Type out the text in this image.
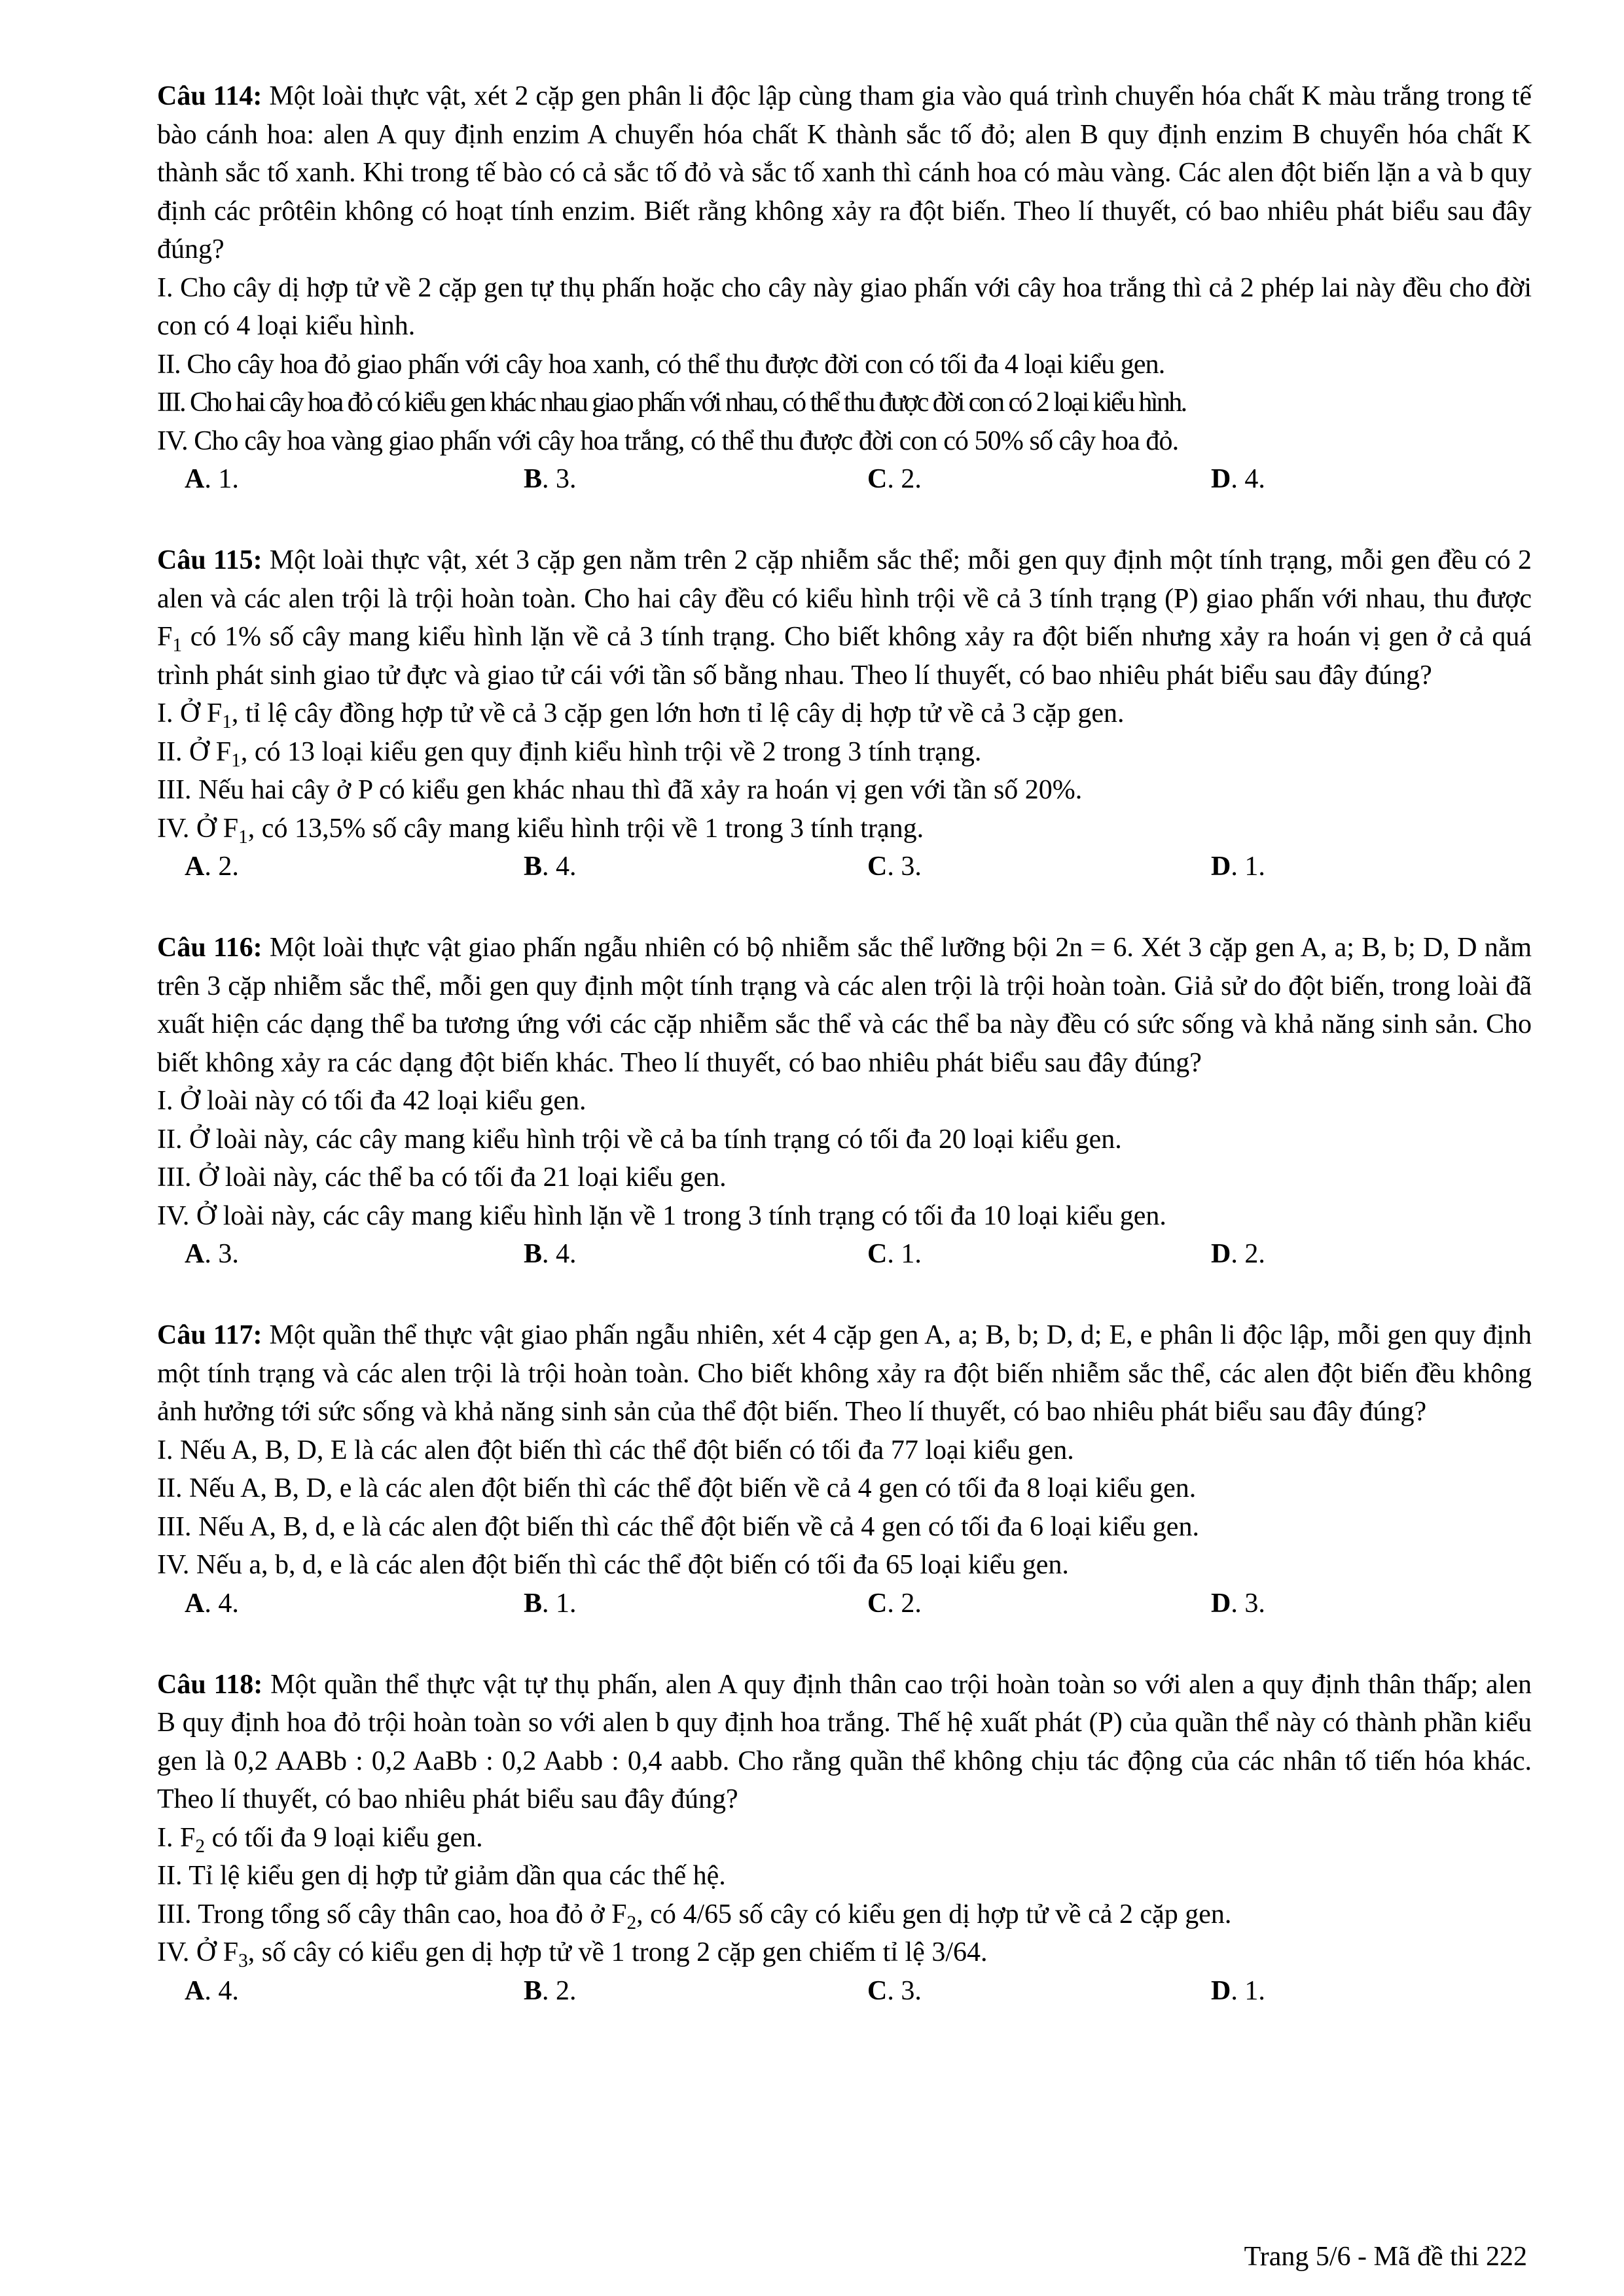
Câu 114: Một loài thực vật, xét 2 cặp gen phân li độc lập cùng tham gia vào quá trình chuyển hóa chất K màu trắng trong tế bào cánh hoa: alen A quy định enzim A chuyển hóa chất K thành sắc tố đỏ; alen B quy định enzim B chuyển hóa chất K thành sắc tố xanh. Khi trong tế bào có cả sắc tố đỏ và sắc tố xanh thì cánh hoa có màu vàng. Các alen đột biến lặn a và b quy định các prôtêin không có hoạt tính enzim. Biết rằng không xảy ra đột biến. Theo lí thuyết, có bao nhiêu phát biểu sau đây đúng?

I. Cho cây dị hợp tử về 2 cặp gen tự thụ phấn hoặc cho cây này giao phấn với cây hoa trắng thì cả 2 phép lai này đều cho đời con có 4 loại kiểu hình.

II. Cho cây hoa đỏ giao phấn với cây hoa xanh, có thể thu được đời con có tối đa 4 loại kiểu gen.

III. Cho hai cây hoa đỏ có kiểu gen khác nhau giao phấn với nhau, có thể thu được đời con có 2 loại kiểu hình.

IV. Cho cây hoa vàng giao phấn với cây hoa trắng, có thể thu được đời con có 50% số cây hoa đỏ.

A. 1.	B. 3.	C. 2.	D. 4.

Câu 115: Một loài thực vật, xét 3 cặp gen nằm trên 2 cặp nhiễm sắc thể; mỗi gen quy định một tính trạng, mỗi gen đều có 2 alen và các alen trội là trội hoàn toàn. Cho hai cây đều có kiểu hình trội về cả 3 tính trạng (P) giao phấn với nhau, thu được $F_1$ có 1% số cây mang kiểu hình lặn về cả 3 tính trạng. Cho biết không xảy ra đột biến nhưng xảy ra hoán vị gen ở cả quá trình phát sinh giao tử đực và giao tử cái với tần số bằng nhau. Theo lí thuyết, có bao nhiêu phát biểu sau đây đúng?

I. Ở $F_1$, tỉ lệ cây đồng hợp tử về cả 3 cặp gen lớn hơn tỉ lệ cây dị hợp tử về cả 3 cặp gen.

II. Ở $F_1$, có 13 loại kiểu gen quy định kiểu hình trội về 2 trong 3 tính trạng.

III. Nếu hai cây ở P có kiểu gen khác nhau thì đã xảy ra hoán vị gen với tần số 20%.

IV. Ở $F_1$, có 13,5% số cây mang kiểu hình trội về 1 trong 3 tính trạng.

A. 2.	B. 4.	C. 3.	D. 1.

Câu 116: Một loài thực vật giao phấn ngẫu nhiên có bộ nhiễm sắc thể lưỡng bội 2n = 6. Xét 3 cặp gen A, a; B, b; D, D nằm trên 3 cặp nhiễm sắc thể, mỗi gen quy định một tính trạng và các alen trội là trội hoàn toàn. Giả sử do đột biến, trong loài đã xuất hiện các dạng thể ba tương ứng với các cặp nhiễm sắc thể và các thể ba này đều có sức sống và khả năng sinh sản. Cho biết không xảy ra các dạng đột biến khác. Theo lí thuyết, có bao nhiêu phát biểu sau đây đúng?

I. Ở loài này có tối đa 42 loại kiểu gen.

II. Ở loài này, các cây mang kiểu hình trội về cả ba tính trạng có tối đa 20 loại kiểu gen.

III. Ở loài này, các thể ba có tối đa 21 loại kiểu gen.

IV. Ở loài này, các cây mang kiểu hình lặn về 1 trong 3 tính trạng có tối đa 10 loại kiểu gen.

A. 3.	B. 4.	C. 1.	D. 2.

Câu 117: Một quần thể thực vật giao phấn ngẫu nhiên, xét 4 cặp gen A, a; B, b; D, d; E, e phân li độc lập, mỗi gen quy định một tính trạng và các alen trội là trội hoàn toàn. Cho biết không xảy ra đột biến nhiễm sắc thể, các alen đột biến đều không ảnh hưởng tới sức sống và khả năng sinh sản của thể đột biến. Theo lí thuyết, có bao nhiêu phát biểu sau đây đúng?

I. Nếu A, B, D, E là các alen đột biến thì các thể đột biến có tối đa 77 loại kiểu gen.

II. Nếu A, B, D, e là các alen đột biến thì các thể đột biến về cả 4 gen có tối đa 8 loại kiểu gen.

III. Nếu A, B, d, e là các alen đột biến thì các thể đột biến về cả 4 gen có tối đa 6 loại kiểu gen.

IV. Nếu a, b, d, e là các alen đột biến thì các thể đột biến có tối đa 65 loại kiểu gen.

A. 4.	B. 1.	C. 2.	D. 3.

Câu 118: Một quần thể thực vật tự thụ phấn, alen A quy định thân cao trội hoàn toàn so với alen a quy định thân thấp; alen B quy định hoa đỏ trội hoàn toàn so với alen b quy định hoa trắng. Thế hệ xuất phát (P) của quần thể này có thành phần kiểu gen là 0,2 AABb : 0,2 AaBb : 0,2 Aabb : 0,4 aabb. Cho rằng quần thể không chịu tác động của các nhân tố tiến hóa khác. Theo lí thuyết, có bao nhiêu phát biểu sau đây đúng?

I. $F_2$ có tối đa 9 loại kiểu gen.

II. Tỉ lệ kiểu gen dị hợp tử giảm dần qua các thế hệ.

III. Trong tổng số cây thân cao, hoa đỏ ở $F_2$, có 4/65 số cây có kiểu gen dị hợp tử về cả 2 cặp gen.

IV. Ở $F_3$, số cây có kiểu gen dị hợp tử về 1 trong 2 cặp gen chiếm tỉ lệ 3/64.

A. 4.	B. 2.	C. 3.	D. 1.
Trang 5/6 - Mã đề thi 222
